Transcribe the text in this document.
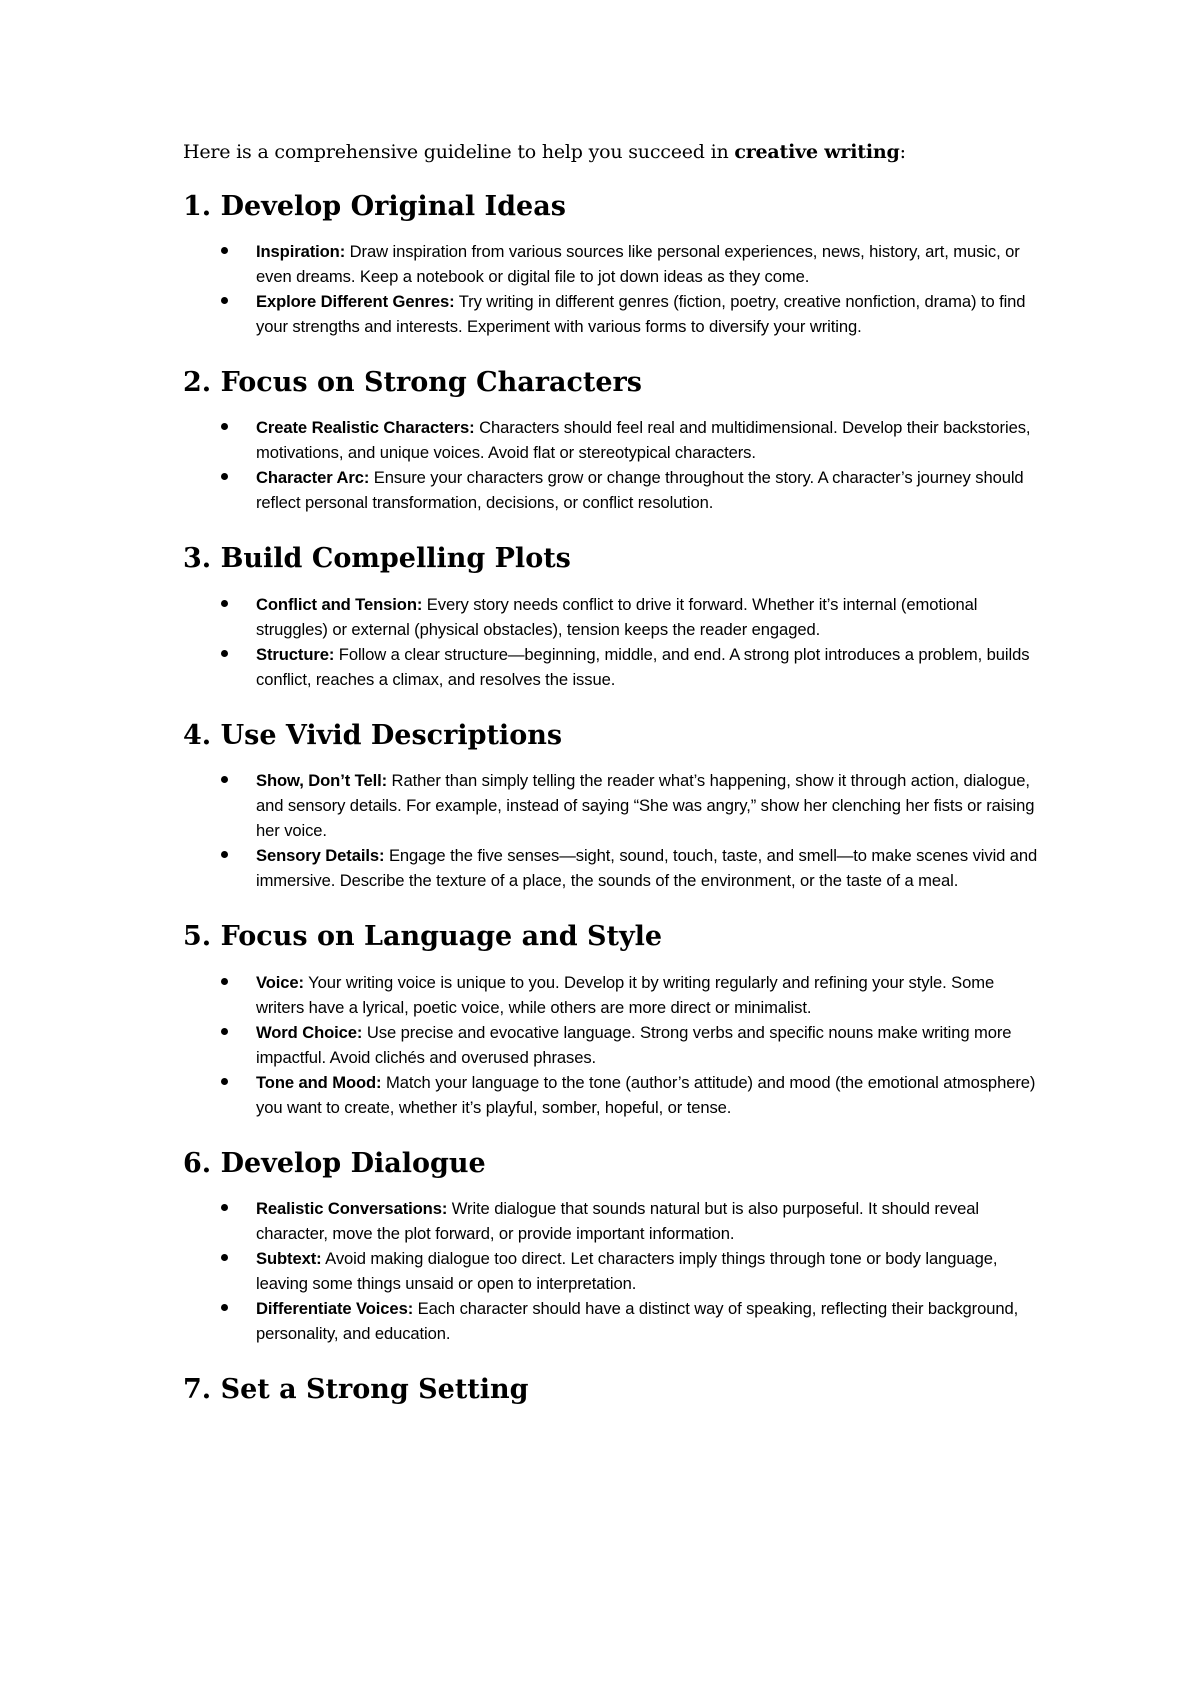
Here is a comprehensive guideline to help you succeed in creative writing:

1. Develop Original Ideas
Inspiration: Draw inspiration from various sources like personal experiences, news, history, art, music, or even dreams. Keep a notebook or digital file to jot down ideas as they come.
Explore Different Genres: Try writing in different genres (fiction, poetry, creative nonfiction, drama) to find your strengths and interests. Experiment with various forms to diversify your writing.
2. Focus on Strong Characters
Create Realistic Characters: Characters should feel real and multidimensional. Develop their backstories, motivations, and unique voices. Avoid flat or stereotypical characters.
Character Arc: Ensure your characters grow or change throughout the story. A character’s journey should reflect personal transformation, decisions, or conflict resolution.
3. Build Compelling Plots
Conflict and Tension: Every story needs conflict to drive it forward. Whether it’s internal (emotional struggles) or external (physical obstacles), tension keeps the reader engaged.
Structure: Follow a clear structure—beginning, middle, and end. A strong plot introduces a problem, builds conflict, reaches a climax, and resolves the issue.
4. Use Vivid Descriptions
Show, Don’t Tell: Rather than simply telling the reader what’s happening, show it through action, dialogue, and sensory details. For example, instead of saying “She was angry,” show her clenching her fists or raising her voice.
Sensory Details: Engage the five senses—sight, sound, touch, taste, and smell—to make scenes vivid and immersive. Describe the texture of a place, the sounds of the environment, or the taste of a meal.
5. Focus on Language and Style
Voice: Your writing voice is unique to you. Develop it by writing regularly and refining your style. Some writers have a lyrical, poetic voice, while others are more direct or minimalist.
Word Choice: Use precise and evocative language. Strong verbs and specific nouns make writing more impactful. Avoid clichés and overused phrases.
Tone and Mood: Match your language to the tone (author’s attitude) and mood (the emotional atmosphere) you want to create, whether it’s playful, somber, hopeful, or tense.
6. Develop Dialogue
Realistic Conversations: Write dialogue that sounds natural but is also purposeful. It should reveal character, move the plot forward, or provide important information.
Subtext: Avoid making dialogue too direct. Let characters imply things through tone or body language, leaving some things unsaid or open to interpretation.
Differentiate Voices: Each character should have a distinct way of speaking, reflecting their background, personality, and education.
7. Set a Strong Setting
